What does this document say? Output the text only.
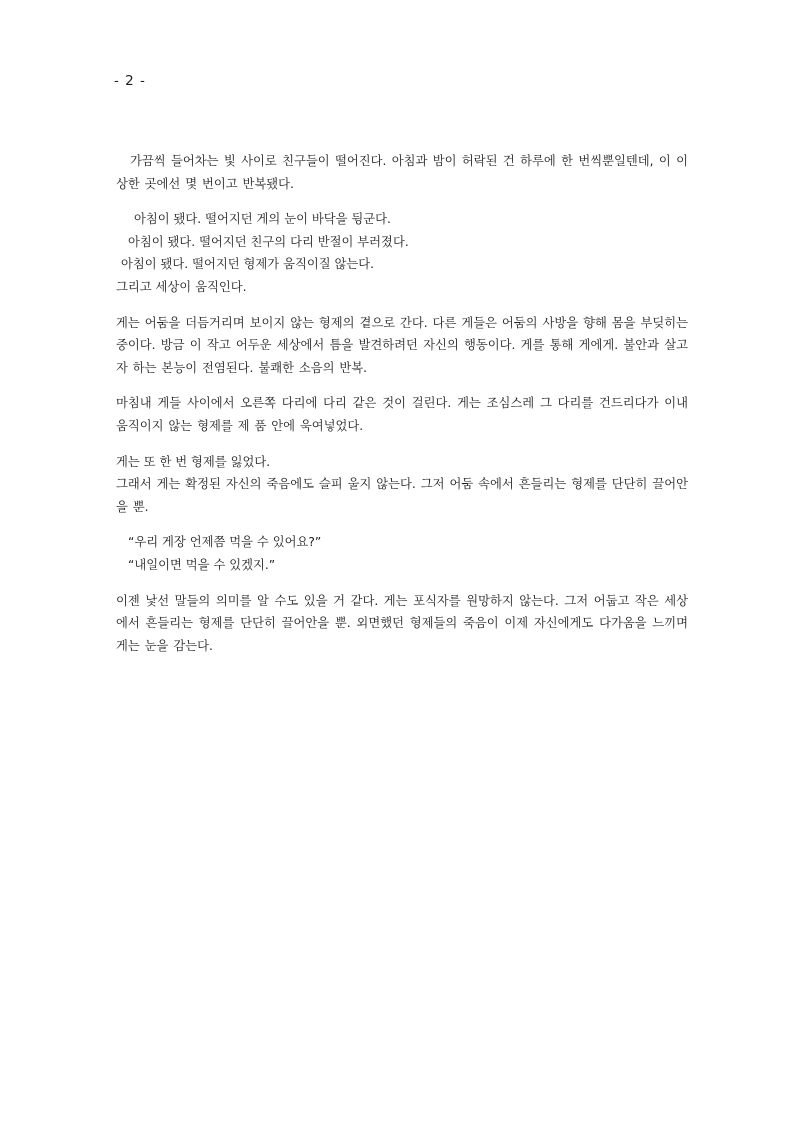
- 2 -

가끔씩 들어차는 빛 사이로 친구들이 떨어진다. 아침과 밤이 허락된 건 하루에 한 번씩뿐일텐데, 이 이상한 곳에선 몇 번이고 반복됐다.

아침이 됐다. 떨어지던 게의 눈이 바닥을 뒹군다.
아침이 됐다. 떨어지던 친구의 다리 반절이 부러졌다.
아침이 됐다. 떨어지던 형제가 움직이질 않는다.
그리고 세상이 움직인다.

게는 어둠을 더듬거리며 보이지 않는 형제의 곁으로 간다. 다른 게들은 어둠의 사방을 향해 몸을 부딪히는 중이다. 방금 이 작고 어두운 세상에서 틈을 발견하려던 자신의 행동이다. 게를 통해 게에게. 불안과 살고자 하는 본능이 전염된다. 불쾌한 소음의 반복.

마침내 게들 사이에서 오른쪽 다리에 다리 같은 것이 걸린다. 게는 조심스레 그 다리를 건드리다가 이내 움직이지 않는 형제를 제 품 안에 욱여넣었다.

게는 또 한 번 형제를 잃었다.

그래서 게는 확정된 자신의 죽음에도 슬피 울지 않는다. 그저 어둠 속에서 흔들리는 형제를 단단히 끌어안을 뿐.

“우리 게장 언제쯤 먹을 수 있어요?”
“내일이면 먹을 수 있겠지.”

이젠 낯선 말들의 의미를 알 수도 있을 거 같다. 게는 포식자를 원망하지 않는다. 그저 어둡고 작은 세상에서 흔들리는 형제를 단단히 끌어안을 뿐. 외면했던 형제들의 죽음이 이제 자신에게도 다가옴을 느끼며 게는 눈을 감는다.
